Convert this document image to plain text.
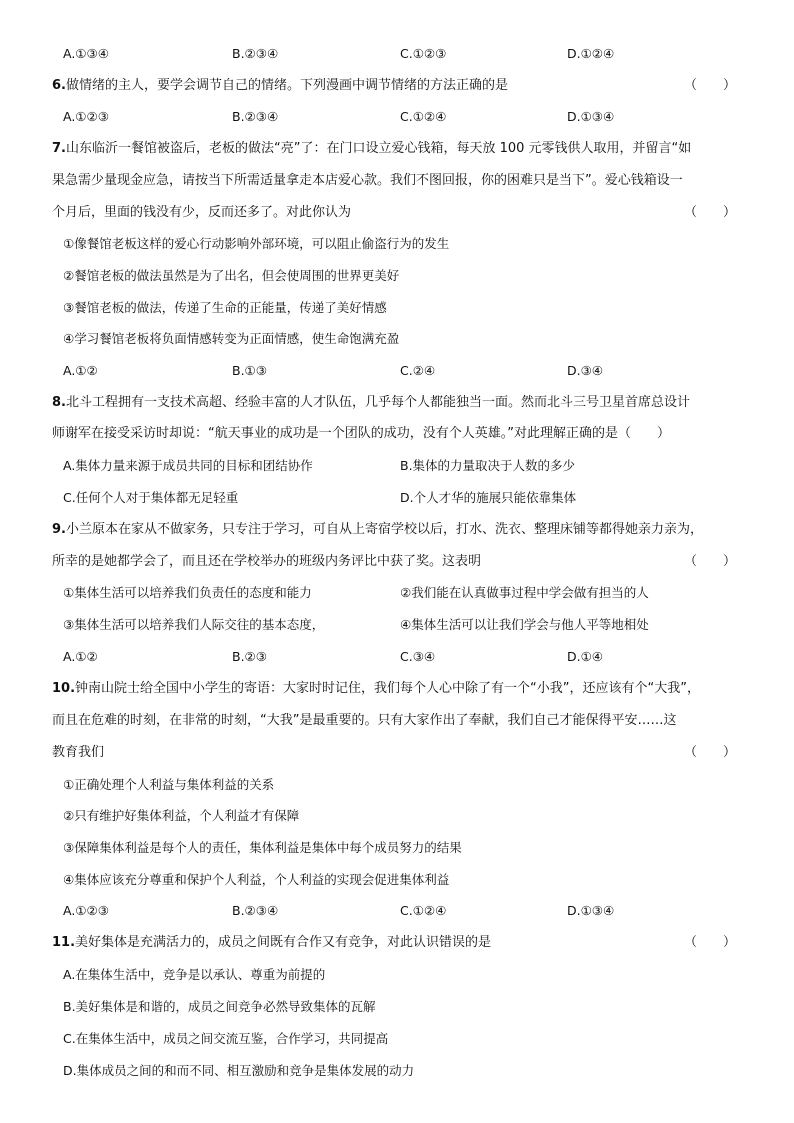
A.①③④	B.②③④	C.①②③	D.①②④
6.做情绪的主人，要学会调节自己的情绪。下列漫画中调节情绪的方法正确的是	（　　）
A.①②③	B.②③④	C.①②④	D.①③④
7.山东临沂一餐馆被盗后，老板的做法“亮”了：在门口设立爱心钱箱，每天放 100 元零钱供人取用，并留言“如
果急需少量现金应急，请按当下所需适量拿走本店爱心款。我们不图回报，你的困难只是当下”。爱心钱箱设一
个月后，里面的钱没有少，反而还多了。对此你认为	（　　）
①像餐馆老板这样的爱心行动影响外部环境，可以阻止偷盗行为的发生
②餐馆老板的做法虽然是为了出名，但会使周围的世界更美好
③餐馆老板的做法，传递了生命的正能量，传递了美好情感
④学习餐馆老板将负面情感转变为正面情感，使生命饱满充盈
A.①②	B.①③	C.②④	D.③④
8.北斗工程拥有一支技术高超、经验丰富的人才队伍，几乎每个人都能独当一面。然而北斗三号卫星首席总设计
师谢军在接受采访时却说：“航天事业的成功是一个团队的成功，没有个人英雄。”对此理解正确的是（　　）
A.集体力量来源于成员共同的目标和团结协作	B.集体的力量取决于人数的多少
C.任何个人对于集体都无足轻重	D.个人才华的施展只能依靠集体
9.小兰原本在家从不做家务，只专注于学习，可自从上寄宿学校以后，打水、洗衣、整理床铺等都得她亲力亲为，
所幸的是她都学会了，而且还在学校举办的班级内务评比中获了奖。这表明	（　　）
①集体生活可以培养我们负责任的态度和能力	②我们能在认真做事过程中学会做有担当的人
③集体生活可以培养我们人际交往的基本态度，	④集体生活可以让我们学会与他人平等地相处
A.①②	B.②③	C.③④	D.①④
10.钟南山院士给全国中小学生的寄语：大家时时记住，我们每个人心中除了有一个“小我”，还应该有个“大我”，
而且在危难的时刻，在非常的时刻，“大我”是最重要的。只有大家作出了奉献，我们自己才能保得平安……这
教育我们	（　　）
①正确处理个人利益与集体利益的关系
②只有维护好集体利益，个人利益才有保障
③保障集体利益是每个人的责任，集体利益是集体中每个成员努力的结果
④集体应该充分尊重和保护个人利益，个人利益的实现会促进集体利益
A.①②③	B.②③④	C.①②④	D.①③④
11.美好集体是充满活力的，成员之间既有合作又有竞争，对此认识错误的是	（　　）
A.在集体生活中，竞争是以承认、尊重为前提的
B.美好集体是和谐的，成员之间竞争必然导致集体的瓦解
C.在集体生活中，成员之间交流互鉴，合作学习，共同提高
D.集体成员之间的和而不同、相互激励和竞争是集体发展的动力
